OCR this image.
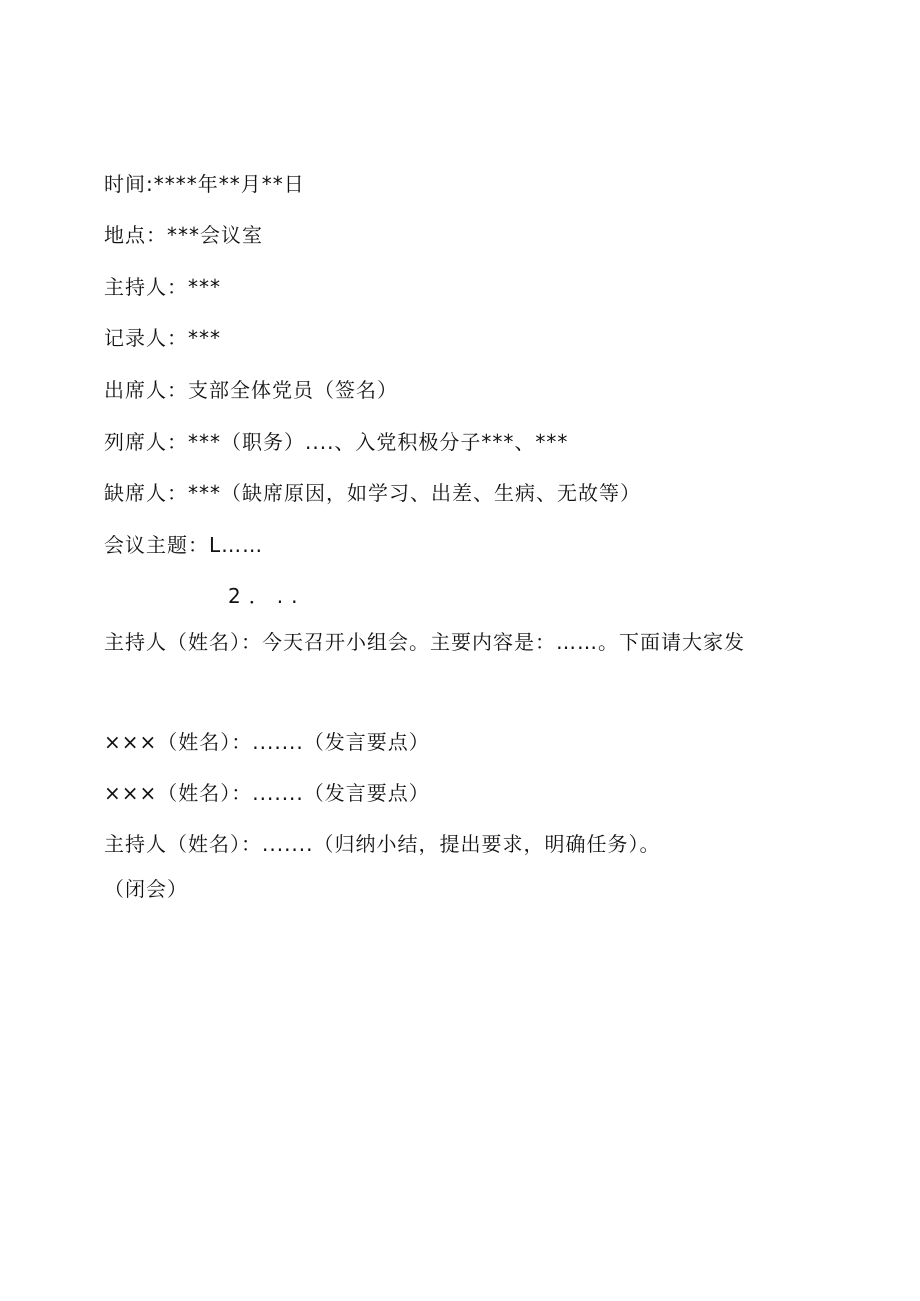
时间:****年**月**日
地点：***会议室
主持人：***
记录人：***
出席人：支部全体党员（签名）
列席人：***（职务）....、入党积极分子***、***
缺席人：***（缺席原因，如学习、出差、生病、无故等）
会议主题：L……
2．..
主持人（姓名）：今天召开小组会。主要内容是：……。下面请大家发
×××（姓名）：.......（发言要点）
×××（姓名）：.......（发言要点）
主持人（姓名）：.......（归纳小结，提出要求，明确任务）。
（闭会）
